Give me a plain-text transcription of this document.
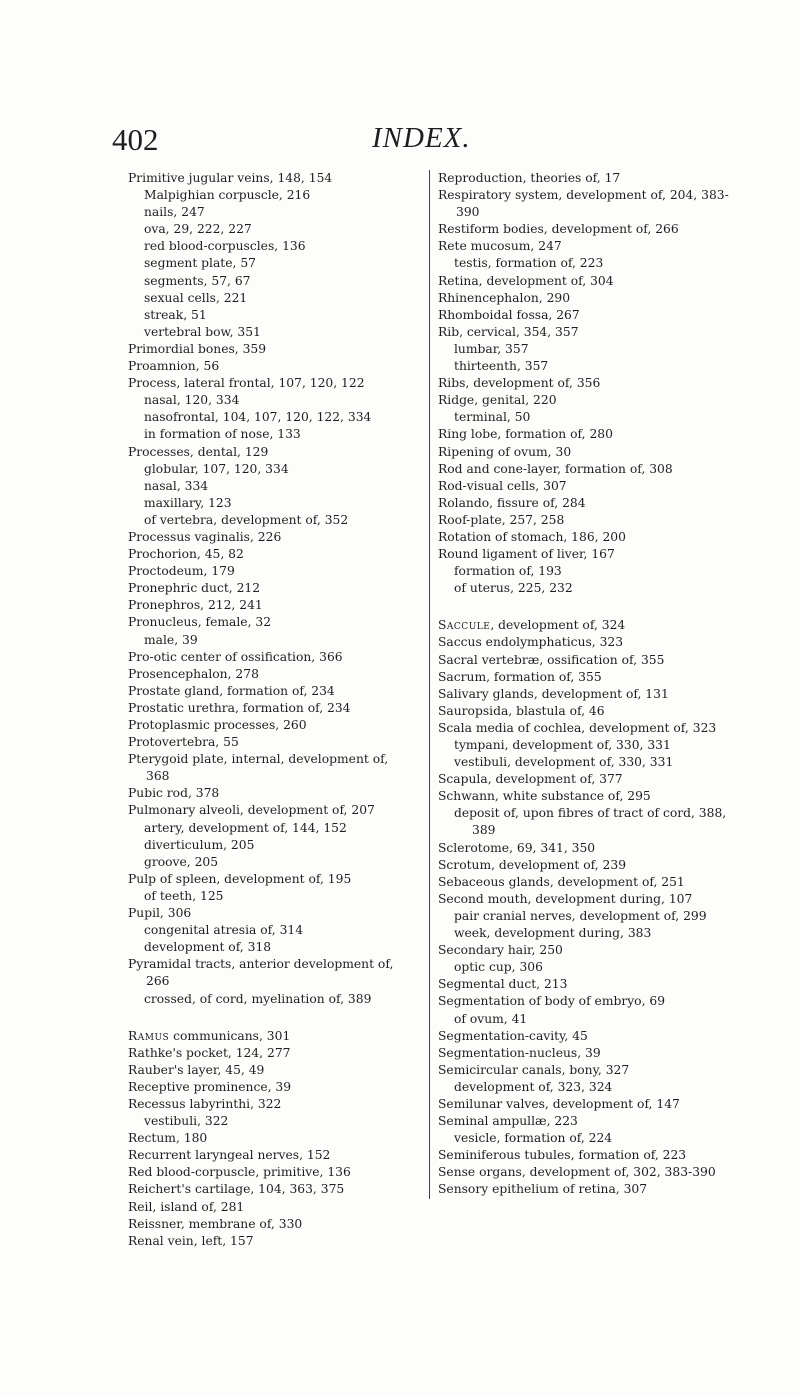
402	INDEX.
Primitive jugular veins, 148, 154
Malpighian corpuscle, 216
nails, 247
ova, 29, 222, 227
red blood-corpuscles, 136
segment plate, 57
segments, 57, 67
sexual cells, 221
streak, 51
vertebral bow, 351
Primordial bones, 359
Proamnion, 56
Process, lateral frontal, 107, 120, 122
nasal, 120, 334
nasofrontal, 104, 107, 120, 122, 334
in formation of nose, 133
Processes, dental, 129
globular, 107, 120, 334
nasal, 334
maxillary, 123
of vertebra, development of, 352
Processus vaginalis, 226
Prochorion, 45, 82
Proctodeum, 179
Pronephric duct, 212
Pronephros, 212, 241
Pronucleus, female, 32
male, 39
Pro-otic center of ossification, 366
Prosencephalon, 278
Prostate gland, formation of, 234
Prostatic urethra, formation of, 234
Protoplasmic processes, 260
Protovertebra, 55
Pterygoid plate, internal, development of, 368
Pubic rod, 378
Pulmonary alveoli, development of, 207
artery, development of, 144, 152
diverticulum, 205
groove, 205
Pulp of spleen, development of, 195
of teeth, 125
Pupil, 306
congenital atresia of, 314
development of, 318
Pyramidal tracts, anterior development of, 266
crossed, of cord, myelination of, 389
Ramus communicans, 301
Rathke's pocket, 124, 277
Rauber's layer, 45, 49
Receptive prominence, 39
Recessus labyrinthi, 322
vestibuli, 322
Rectum, 180
Recurrent laryngeal nerves, 152
Red blood-corpuscle, primitive, 136
Reichert's cartilage, 104, 363, 375
Reil, island of, 281
Reissner, membrane of, 330
Renal vein, left, 157
Reproduction, theories of, 17
Respiratory system, development of, 204, 383-390
Restiform bodies, development of, 266
Rete mucosum, 247
testis, formation of, 223
Retina, development of, 304
Rhinencephalon, 290
Rhomboidal fossa, 267
Rib, cervical, 354, 357
lumbar, 357
thirteenth, 357
Ribs, development of, 356
Ridge, genital, 220
terminal, 50
Ring lobe, formation of, 280
Ripening of ovum, 30
Rod and cone-layer, formation of, 308
Rod-visual cells, 307
Rolando, fissure of, 284
Roof-plate, 257, 258
Rotation of stomach, 186, 200
Round ligament of liver, 167
formation of, 193
of uterus, 225, 232
Saccule, development of, 324
Saccus endolymphaticus, 323
Sacral vertebræ, ossification of, 355
Sacrum, formation of, 355
Salivary glands, development of, 131
Sauropsida, blastula of, 46
Scala media of cochlea, development of, 323
tympani, development of, 330, 331
vestibuli, development of, 330, 331
Scapula, development of, 377
Schwann, white substance of, 295
deposit of, upon fibres of tract of cord, 388, 389
Sclerotome, 69, 341, 350
Scrotum, development of, 239
Sebaceous glands, development of, 251
Second mouth, development during, 107
pair cranial nerves, development of, 299
week, development during, 383
Secondary hair, 250
optic cup, 306
Segmental duct, 213
Segmentation of body of embryo, 69
of ovum, 41
Segmentation-cavity, 45
Segmentation-nucleus, 39
Semicircular canals, bony, 327
development of, 323, 324
Semilunar valves, development of, 147
Seminal ampullæ, 223
vesicle, formation of, 224
Seminiferous tubules, formation of, 223
Sense organs, development of, 302, 383-390
Sensory epithelium of retina, 307
